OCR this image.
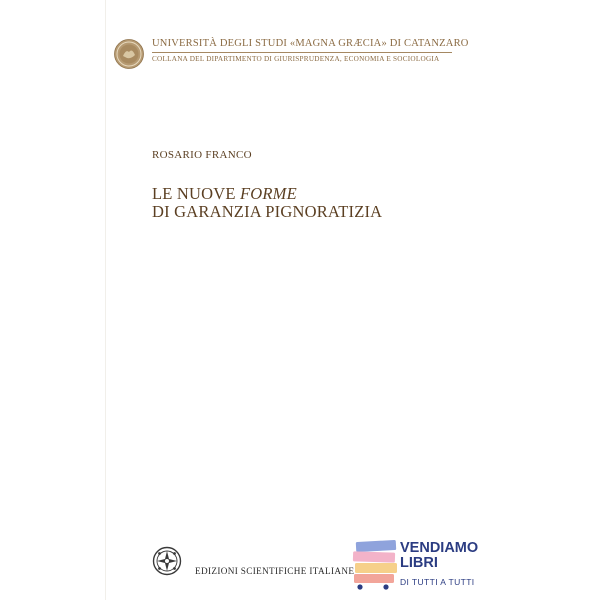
UNIVERSITÀ DEGLI STUDI «MAGNA GRÆCIA» DI CATANZARO
COLLANA DEL DIPARTIMENTO DI GIURISPRUDENZA, ECONOMIA E SOCIOLOGIA
ROSARIO FRANCO
LE NUOVE FORME
DI GARANZIA PIGNORATIZIA
EDIZIONI SCIENTIFICHE ITALIANE
VENDIAMO
LIBRI
DI TUTTI A TUTTI
